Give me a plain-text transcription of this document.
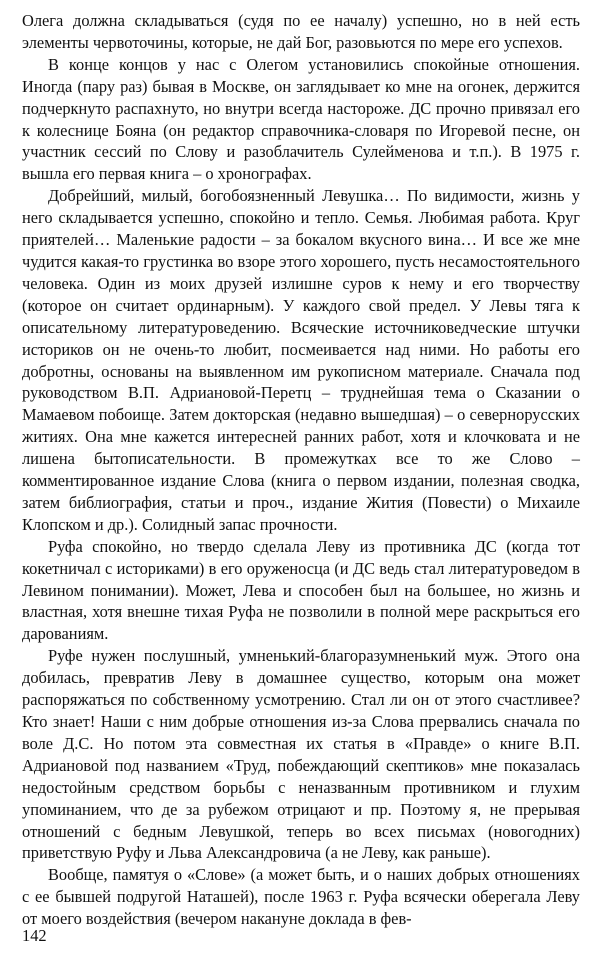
Олега должна складываться (судя по ее началу) успешно, но в ней есть элементы червоточины, которые, не дай Бог, разовьются по мере его успехов.

В конце концов у нас с Олегом установились спокойные отношения. Иногда (пару раз) бывая в Москве, он заглядывает ко мне на огонек, держится подчеркнуто распахнуто, но внутри всегда настороже. ДС прочно привязал его к колеснице Бояна (он редактор справочника-словаря по Игоревой песне, он участник сессий по Слову и разоблачитель Сулейменова и т.п.). В 1975 г. вышла его первая книга – о хронографах.

Добрейший, милый, богобоязненный Левушка… По видимости, жизнь у него складывается успешно, спокойно и тепло. Семья. Любимая работа. Круг приятелей… Маленькие радости – за бокалом вкусного вина… И все же мне чудится какая-то грустинка во взоре этого хорошего, пусть несамостоятельного человека. Один из моих друзей излишне суров к нему и его творчеству (которое он считает ординарным). У каждого свой предел. У Левы тяга к описательному литературоведению. Всяческие источниковедческие штучки историков он не очень-то любит, посмеивается над ними. Но работы его добротны, основаны на выявленном им рукописном материале. Сначала под руководством В.П. Адриановой-Перетц – труднейшая тема о Сказании о Мамаевом побоище. Затем докторская (недавно вышедшая) – о севернорусских житиях. Она мне кажется интересней ранних работ, хотя и клочковата и не лишена бытописательности. В промежутках все то же Слово – комментированное издание Слова (книга о первом издании, полезная сводка, затем библиография, статьи и проч., издание Жития (Повести) о Михаиле Клопском и др.). Солидный запас прочности.

Руфа спокойно, но твердо сделала Леву из противника ДС (когда тот кокетничал с историками) в его оруженосца (и ДС ведь стал литературоведом в Левином понимании). Может, Лева и способен был на большее, но жизнь и властная, хотя внешне тихая Руфа не позволили в полной мере раскрыться его дарованиям.

Руфе нужен послушный, умненький-благоразумненький муж. Этого она добилась, превратив Леву в домашнее существо, которым она может распоряжаться по собственному усмотрению. Стал ли он от этого счастливее? Кто знает! Наши с ним добрые отношения из-за Слова прервались сначала по воле Д.С. Но потом эта совместная их статья в «Правде» о книге В.П. Адриановой под названием «Труд, побеждающий скептиков» мне показалась недостойным средством борьбы с неназванным противником и глухим упоминанием, что де за рубежом отрицают и пр. Поэтому я, не прерывая отношений с бедным Левушкой, теперь во всех письмах (новогодних) приветствую Руфу и Льва Александровича (а не Леву, как раньше).

Вообще, памятуя о «Слове» (а может быть, и о наших добрых отношениях с ее бывшей подругой Наташей), после 1963 г. Руфа всячески оберегала Леву от моего воздействия (вечером накануне доклада в фев-

142
